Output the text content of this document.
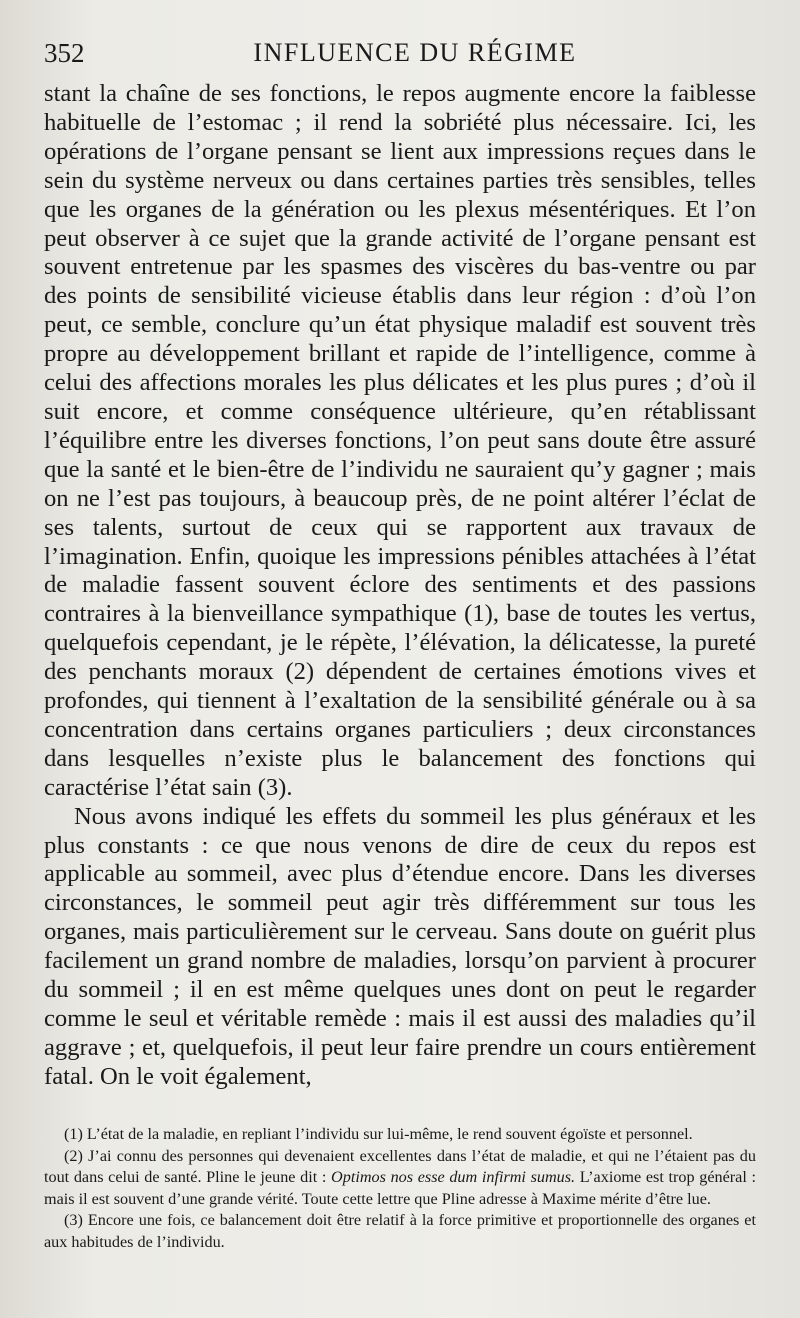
352	INFLUENCE DU RÉGIME

stant la chaîne de ses fonctions, le repos augmente encore la faiblesse habituelle de l’estomac ; il rend la sobriété plus nécessaire. Ici, les opérations de l’organe pensant se lient aux impressions reçues dans le sein du système nerveux ou dans certaines parties très sensibles, telles que les organes de la génération ou les plexus mésentériques. Et l’on peut observer à ce sujet que la grande activité de l’organe pensant est souvent entretenue par les spasmes des viscères du bas-ventre ou par des points de sensibilité vicieuse établis dans leur région : d’où l’on peut, ce semble, conclure qu’un état physique maladif est souvent très propre au développement brillant et rapide de l’intelligence, comme à celui des affections morales les plus délicates et les plus pures ; d’où il suit encore, et comme conséquence ultérieure, qu’en rétablissant l’équilibre entre les diverses fonctions, l’on peut sans doute être assuré que la santé et le bien-être de l’individu ne sauraient qu’y gagner ; mais on ne l’est pas toujours, à beaucoup près, de ne point altérer l’éclat de ses talents, surtout de ceux qui se rapportent aux travaux de l’imagination. Enfin, quoique les impressions pénibles attachées à l’état de maladie fassent souvent éclore des sentiments et des passions contraires à la bienveillance sympathique (1), base de toutes les vertus, quelquefois cependant, je le répète, l’élévation, la délicatesse, la pureté des penchants moraux (2) dépendent de certaines émotions vives et profondes, qui tiennent à l’exaltation de la sensibilité générale ou à sa concentration dans certains organes particuliers ; deux circonstances dans lesquelles n’existe plus le balancement des fonctions qui caractérise l’état sain (3).

Nous avons indiqué les effets du sommeil les plus généraux et les plus constants : ce que nous venons de dire de ceux du repos est applicable au sommeil, avec plus d’étendue encore. Dans les diverses circonstances, le sommeil peut agir très différemment sur tous les organes, mais particulièrement sur le cerveau. Sans doute on guérit plus facilement un grand nombre de maladies, lorsqu’on parvient à procurer du sommeil ; il en est même quelques unes dont on peut le regarder comme le seul et véritable remède : mais il est aussi des maladies qu’il aggrave ; et, quelquefois, il peut leur faire prendre un cours entièrement fatal. On le voit également,

(1) L’état de la maladie, en repliant l’individu sur lui-même, le rend souvent égoïste et personnel.

(2) J’ai connu des personnes qui devenaient excellentes dans l’état de maladie, et qui ne l’étaient pas du tout dans celui de santé. Pline le jeune dit : Optimos nos esse dum infirmi sumus. L’axiome est trop général : mais il est souvent d’une grande vérité. Toute cette lettre que Pline adresse à Maxime mérite d’être lue.

(3) Encore une fois, ce balancement doit être relatif à la force primitive et proportionnelle des organes et aux habitudes de l’individu.
